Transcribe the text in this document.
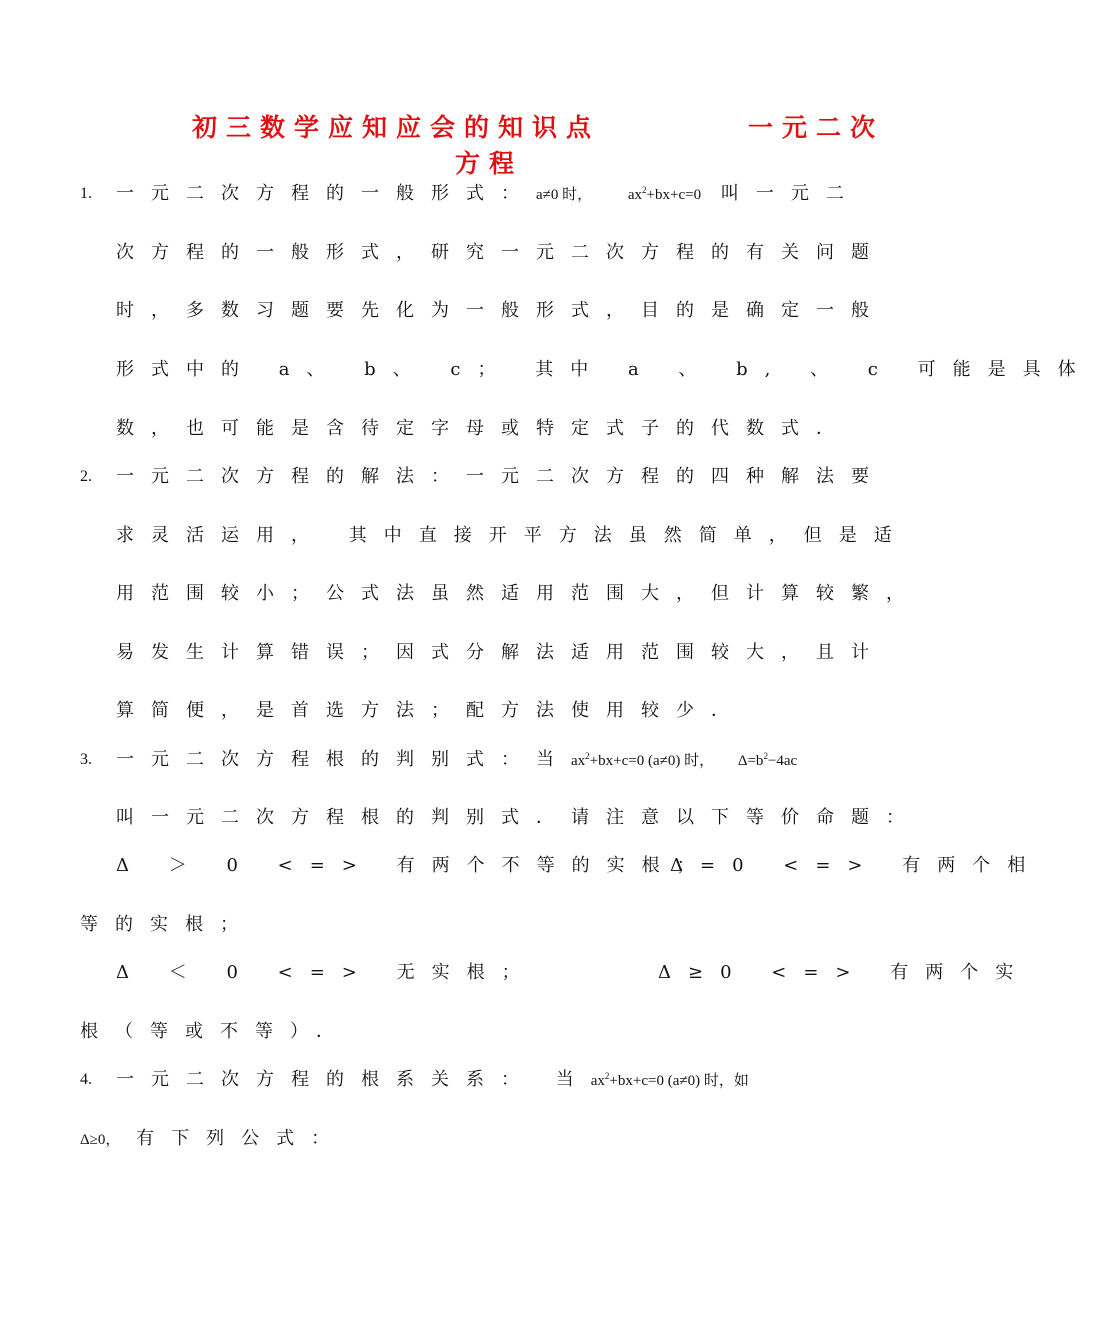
初三数学应知应会的知识点	一元二次
方程
1. 一元二次方程的一般形式：a≠0 时， $ax^2+bx+c=0$ 叫一元二
次方程的一般形式，研究一元二次方程的有关问题
时，多数习题要先化为一般形式，目的是确定一般
形式中的 a、 b、 c； 其中 a 、 b, 、 c 可能是具体
数，也可能是含待定字母或特定式子的代数式．
2. 一元二次方程的解法：一元二次方程的四种解法要
求灵活运用， 其中直接开平方法虽然简单，但是适
用范围较小；公式法虽然适用范围大，但计算较繁，
易发生计算错误；因式分解法适用范围较大，且计
算简便，是首选方法；配方法使用较少．
3. 一元二次方程根的判别式：当$ax^2+bx+c=0$ (a≠0) 时， $\Delta=b^2-4ac$
叫一元二次方程根的判别式．请注意以下等价命题：
Δ ＞ 0 <=> 有两个不等的实根；
Δ=0 <=> 有两个相
等的实根；
Δ ＜ 0 <=> 无实根；	Δ≥0 <=> 有两个实
根（等或不等）．
4. 一元二次方程的根系关系： 当$ax^2+bx+c=0$ (a≠0) 时，如
Δ≥0， 有下列公式：
